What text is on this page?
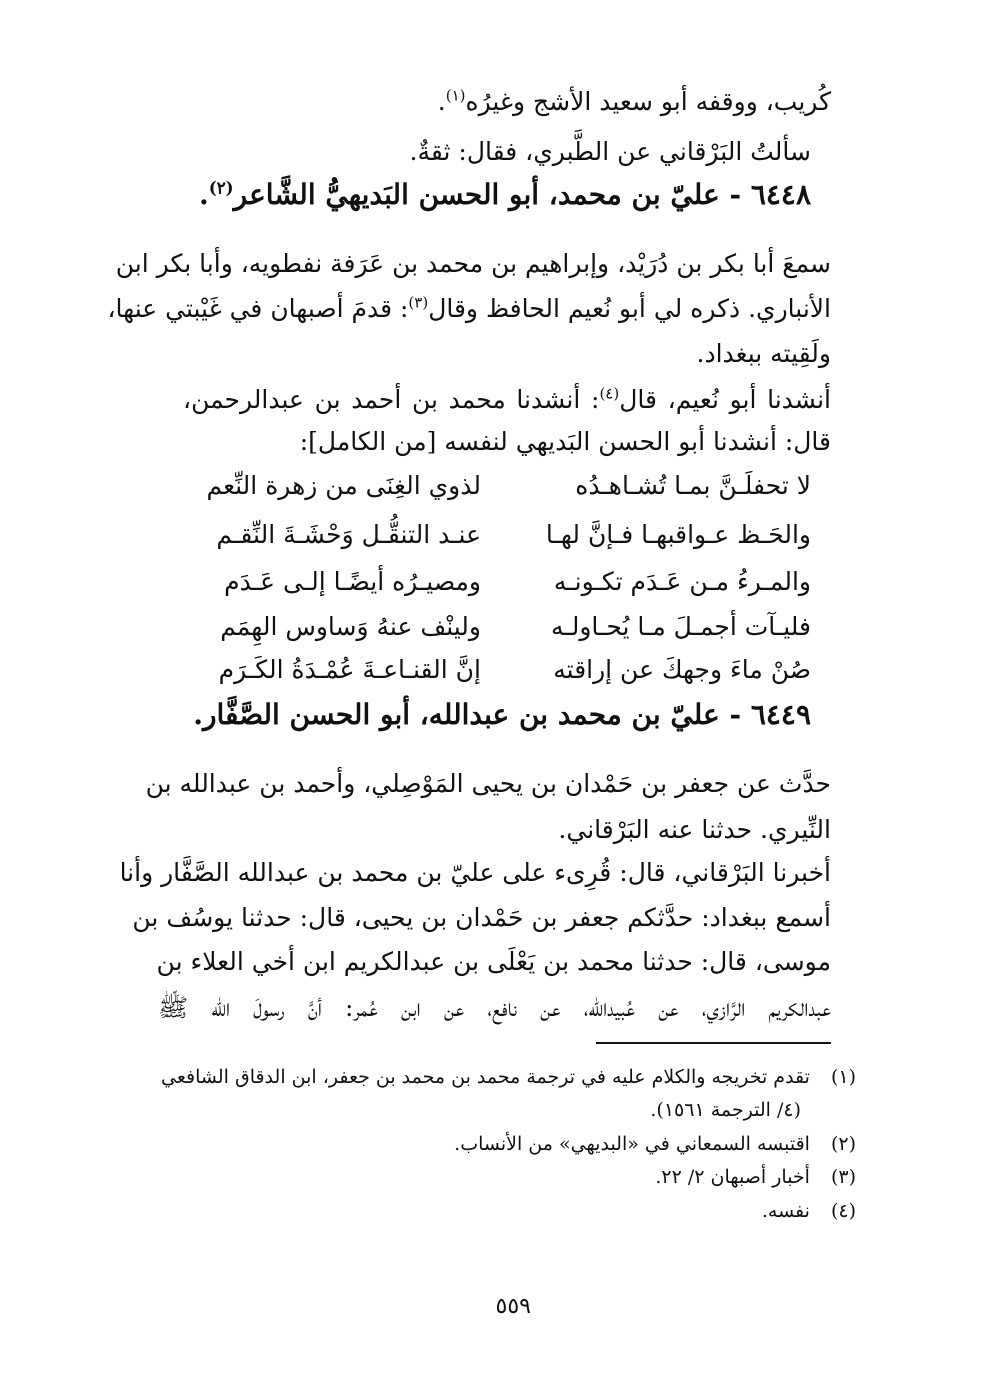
كُريب، ووقفه أبو سعيد الأشج وغيرُه$^{(١)}$.
سألتُ البَرْقاني عن الطَّبري، فقال: ثقةٌ.
٦٤٤٨ - عليّ بن محمد، أبو الحسن البَديهيُّ الشَّاعر$^{(٢)}$.
سمعَ أبا بكر بن دُرَيْد، وإبراهيم بن محمد بن عَرَفة نفطويه، وأبا بكر ابن
الأنباري. ذكره لي أبو نُعيم الحافظ وقال$^{(٣)}$: قدمَ أصبهان في غَيْبتي عنها،
ولَقِيته ببغداد.
أنشدنا أبو نُعيم، قال$^{(٤)}$: أنشدنا محمد بن أحمد بن عبدالرحمن،
قال: أنشدنا أبو الحسن البَديهي لنفسه [من الكامل]:
لا تحفلَـنَّ بمـا تُشـاهـدُه
لذوي الغِنَى من زهرة النِّعم
والحَـظ عـواقبهـا فـإنَّ لهـا
عنـد التنقُّـل وَحْشَـةَ النِّقـم
والمـرءُ مـن عَـدَم تكـونـه
ومصيـرُه أيضًـا إلـى عَـدَم
فليـآت أجمـلَ مـا يُحـاولـه
ولينْف عنهُ وَساوس الهِمَم
صُنْ ماءَ وجهكَ عن إراقته
إنَّ القنـاعـةَ عُمْـدَةُ الكَـرَم
٦٤٤٩ - عليّ بن محمد بن عبدالله، أبو الحسن الصَّفَّار.
حدَّث عن جعفر بن حَمْدان بن يحيى المَوْصِلي، وأحمد بن عبدالله بن
النِّيري. حدثنا عنه البَرْقاني.
أخبرنا البَرْقاني، قال: قُرِىء على عليّ بن محمد بن عبدالله الصَّفَّار وأنا
أسمع ببغداد: حدَّثكم جعفر بن حَمْدان بن يحيى، قال: حدثنا يوسُف بن
موسى، قال: حدثنا محمد بن يَعْلَى بن عبدالكريم ابن أخي العلاء بن
عبدالكريم الرَّازي، عن عُبيدالله، عن نافع، عن ابن عُمر: أنَّ رسولَ الله ﷺ
(١) تقدم تخريجه والكلام عليه في ترجمة محمد بن محمد بن جعفر، ابن الدقاق الشافعي
(٤/ الترجمة ١٥٦١).
(٢) اقتبسه السمعاني في «البديهي» من الأنساب.
(٣) أخبار أصبهان ٢/ ٢٢.
(٤) نفسه.
٥٥٩
